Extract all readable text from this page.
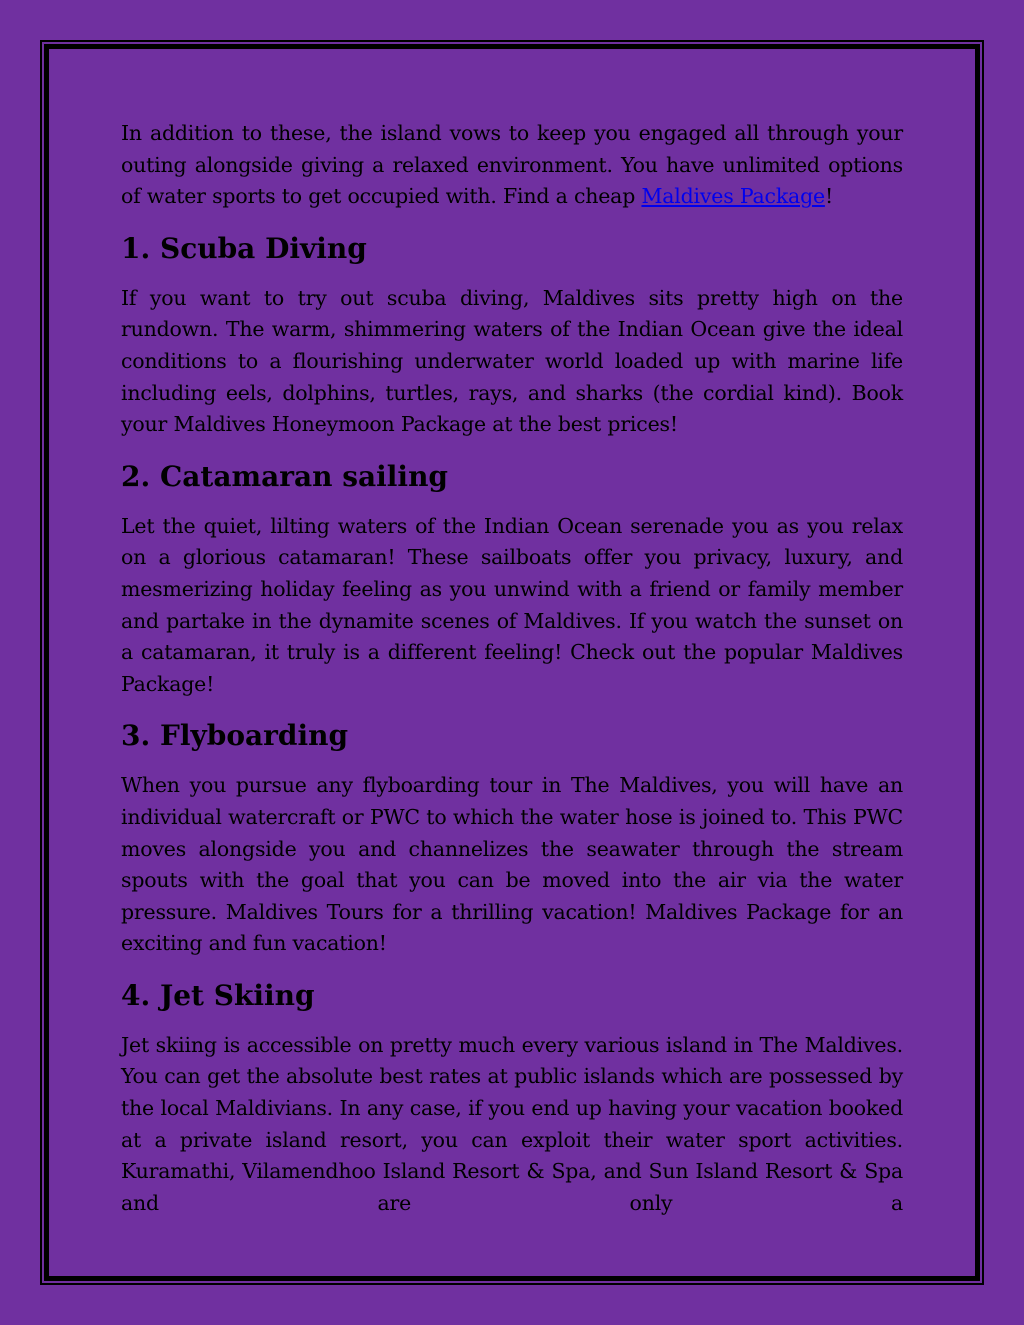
In addition to these, the island vows to keep you engaged all through your outing alongside giving a relaxed environment. You have unlimited options of water sports to get occupied with. Find a cheap Maldives Package!

1. Scuba Diving

If you want to try out scuba diving, Maldives sits pretty high on the rundown. The warm, shimmering waters of the Indian Ocean give the ideal conditions to a flourishing underwater world loaded up with marine life including eels, dolphins, turtles, rays, and sharks (the cordial kind). Book your Maldives Honeymoon Package at the best prices!

2. Catamaran sailing

Let the quiet, lilting waters of the Indian Ocean serenade you as you relax on a glorious catamaran! These sailboats offer you privacy, luxury, and mesmerizing holiday feeling as you unwind with a friend or family member and partake in the dynamite scenes of Maldives. If you watch the sunset on a catamaran, it truly is a different feeling! Check out the popular Maldives Package!

3. Flyboarding

When you pursue any flyboarding tour in The Maldives, you will have an individual watercraft or PWC to which the water hose is joined to. This PWC moves alongside you and channelizes the seawater through the stream spouts with the goal that you can be moved into the air via the water pressure. Maldives Tours for a thrilling vacation! Maldives Package for an exciting and fun vacation!

4. Jet Skiing

Jet skiing is accessible on pretty much every various island in The Maldives. You can get the absolute best rates at public islands which are possessed by the local Maldivians. In any case, if you end up having your vacation booked at a private island resort, you can exploit their water sport activities. Kuramathi, Vilamendhoo Island Resort & Spa, and Sun Island Resort & Spa and are only a
